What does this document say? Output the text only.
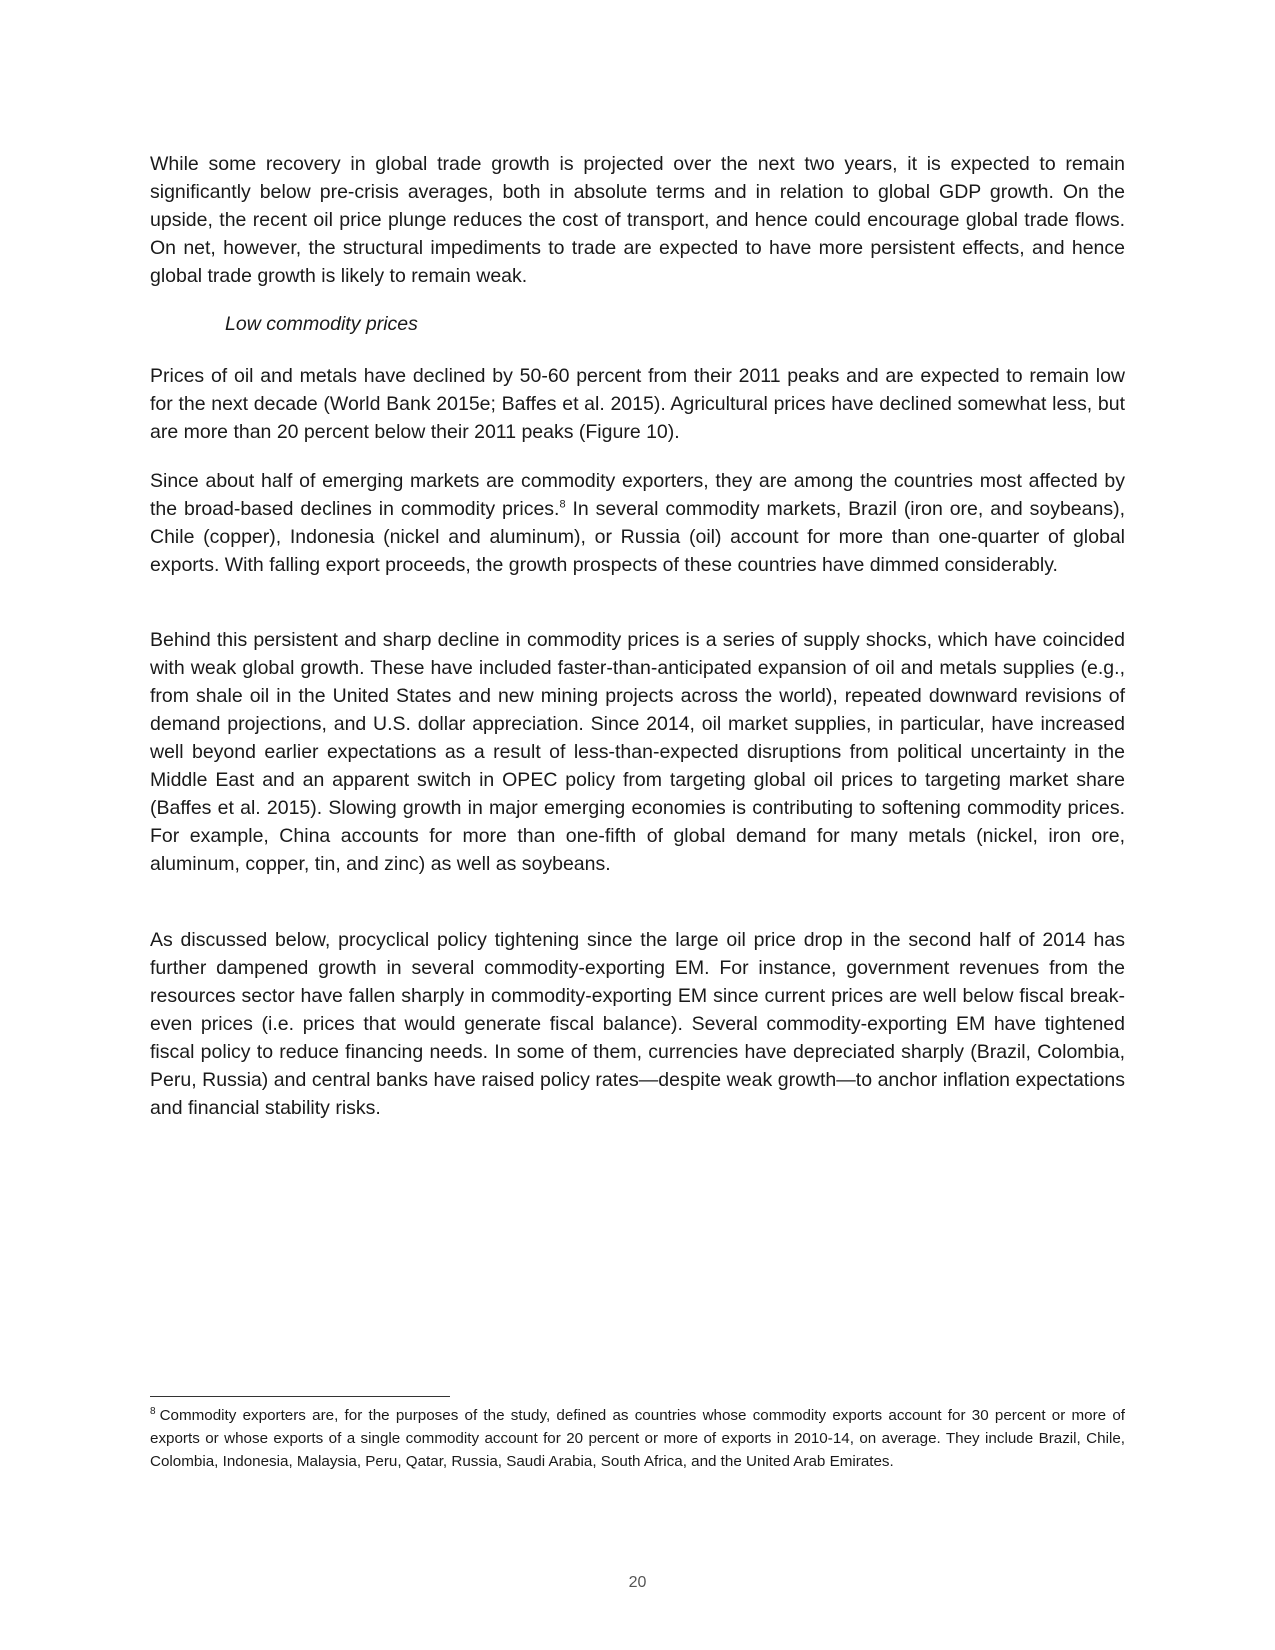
While some recovery in global trade growth is projected over the next two years, it is expected to remain significantly below pre-crisis averages, both in absolute terms and in relation to global GDP growth. On the upside, the recent oil price plunge reduces the cost of transport, and hence could encourage global trade flows. On net, however, the structural impediments to trade are expected to have more persistent effects, and hence global trade growth is likely to remain weak.

Low commodity prices

Prices of oil and metals have declined by 50-60 percent from their 2011 peaks and are expected to remain low for the next decade (World Bank 2015e; Baffes et al. 2015). Agricultural prices have declined somewhat less, but are more than 20 percent below their 2011 peaks (Figure 10).

Since about half of emerging markets are commodity exporters, they are among the countries most affected by the broad-based declines in commodity prices.$^8$ In several commodity markets, Brazil (iron ore, and soybeans), Chile (copper), Indonesia (nickel and aluminum), or Russia (oil) account for more than one-quarter of global exports. With falling export proceeds, the growth prospects of these countries have dimmed considerably.

Behind this persistent and sharp decline in commodity prices is a series of supply shocks, which have coincided with weak global growth. These have included faster-than-anticipated expansion of oil and metals supplies (e.g., from shale oil in the United States and new mining projects across the world), repeated downward revisions of demand projections, and U.S. dollar appreciation. Since 2014, oil market supplies, in particular, have increased well beyond earlier expectations as a result of less-than-expected disruptions from political uncertainty in the Middle East and an apparent switch in OPEC policy from targeting global oil prices to targeting market share (Baffes et al. 2015). Slowing growth in major emerging economies is contributing to softening commodity prices. For example, China accounts for more than one-fifth of global demand for many metals (nickel, iron ore, aluminum, copper, tin, and zinc) as well as soybeans.

As discussed below, procyclical policy tightening since the large oil price drop in the second half of 2014 has further dampened growth in several commodity-exporting EM. For instance, government revenues from the resources sector have fallen sharply in commodity-exporting EM since current prices are well below fiscal break-even prices (i.e. prices that would generate fiscal balance). Several commodity-exporting EM have tightened fiscal policy to reduce financing needs. In some of them, currencies have depreciated sharply (Brazil, Colombia, Peru, Russia) and central banks have raised policy rates—despite weak growth—to anchor inflation expectations and financial stability risks.

$^8$ Commodity exporters are, for the purposes of the study, defined as countries whose commodity exports account for 30 percent or more of exports or whose exports of a single commodity account for 20 percent or more of exports in 2010-14, on average. They include Brazil, Chile, Colombia, Indonesia, Malaysia, Peru, Qatar, Russia, Saudi Arabia, South Africa, and the United Arab Emirates.

20
